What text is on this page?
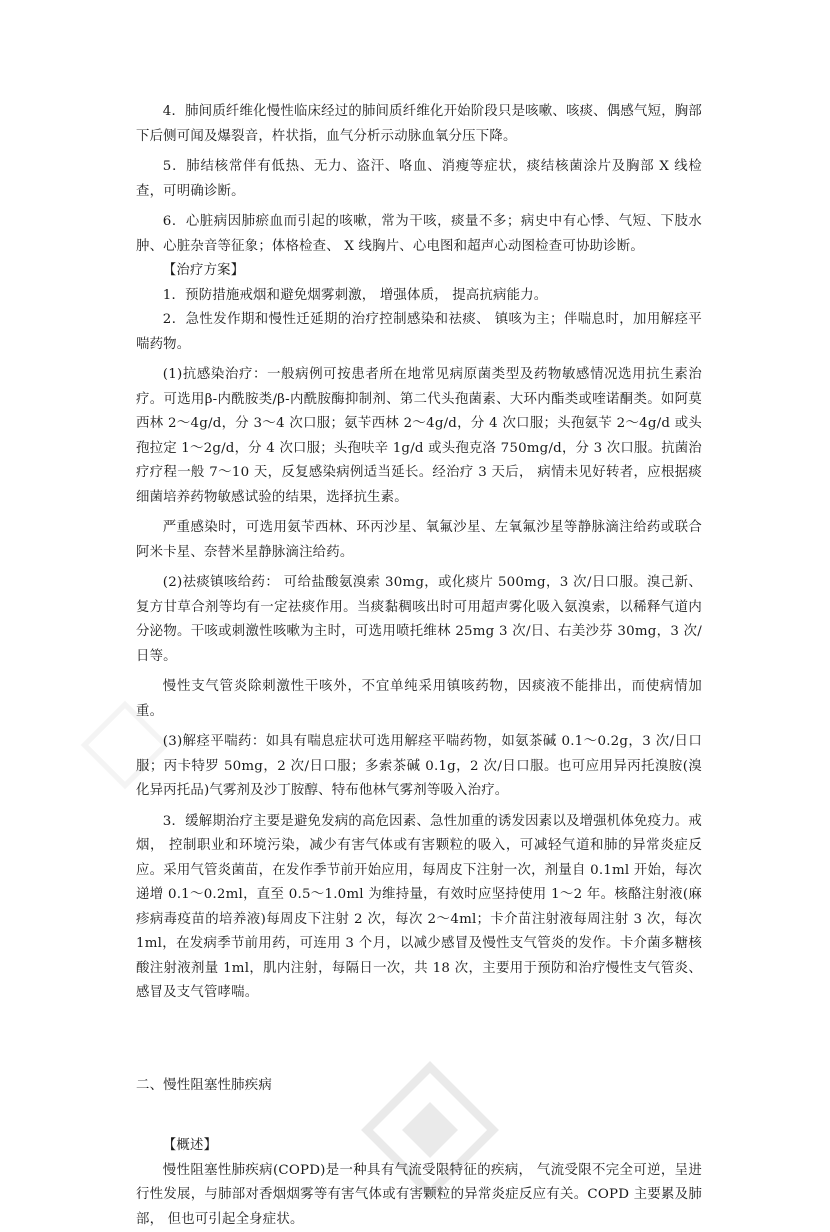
4．肺间质纤维化慢性临床经过的肺间质纤维化开始阶段只是咳嗽、咳痰、偶感气短，胸部下后侧可闻及爆裂音，杵状指，血气分析示动脉血氧分压下降。

5．肺结核常伴有低热、无力、盗汗、咯血、消瘦等症状，痰结核菌涂片及胸部 X 线检查，可明确诊断。

6．心脏病因肺瘀血而引起的咳嗽，常为干咳，痰量不多；病史中有心悸、气短、下肢水肿、心脏杂音等征象；体格检查、 X 线胸片、心电图和超声心动图检查可协助诊断。

【治疗方案】

1．预防措施戒烟和避免烟雾刺激， 增强体质， 提高抗病能力。

2．急性发作期和慢性迁延期的治疗控制感染和祛痰、 镇咳为主；伴喘息时，加用解痉平喘药物。

(1)抗感染治疗：一般病例可按患者所在地常见病原菌类型及药物敏感情况选用抗生素治疗。可选用β-内酰胺类/β-内酰胺酶抑制剂、第二代头孢菌素、大环内酯类或喹诺酮类。如阿莫西林 2～4g/d，分 3～4 次口服；氨苄西林 2～4g/d，分 4 次口服；头孢氨苄 2～4g/d 或头孢拉定 1～2g/d，分 4 次口服；头孢呋辛 1g/d 或头孢克洛 750mg/d，分 3 次口服。抗菌治疗疗程一般 7～10 天，反复感染病例适当延长。经治疗 3 天后， 病情未见好转者，应根据痰细菌培养药物敏感试验的结果，选择抗生素。

严重感染时，可选用氨苄西林、环丙沙星、氧氟沙星、左氧氟沙星等静脉滴注给药或联合阿米卡星、奈替米星静脉滴注给药。

(2)祛痰镇咳给药： 可给盐酸氨溴索 30mg，或化痰片 500mg，3 次/日口服。溴己新、复方甘草合剂等均有一定祛痰作用。当痰黏稠咳出时可用超声雾化吸入氨溴索，以稀释气道内分泌物。干咳或刺激性咳嗽为主时，可选用喷托维林 25mg 3 次/日、右美沙芬 30mg，3 次/日等。

慢性支气管炎除刺激性干咳外，不宜单纯采用镇咳药物，因痰液不能排出，而使病情加重。

(3)解痉平喘药：如具有喘息症状可选用解痉平喘药物，如氨茶碱 0.1～0.2g，3 次/日口服；丙卡特罗 50mg，2 次/日口服；多索茶碱 0.1g，2 次/日口服。也可应用异丙托溴胺(溴化异丙托品)气雾剂及沙丁胺醇、特布他林气雾剂等吸入治疗。

3．缓解期治疗主要是避免发病的高危因素、急性加重的诱发因素以及增强机体免疫力。戒烟， 控制职业和环境污染，减少有害气体或有害颗粒的吸入，可减轻气道和肺的异常炎症反应。采用气管炎菌苗，在发作季节前开始应用，每周皮下注射一次，剂量自 0.1ml 开始，每次递增 0.1～0.2ml，直至 0.5～1.0ml 为维持量，有效时应坚持使用 1～2 年。核酪注射液(麻疹病毒疫苗的培养液)每周皮下注射 2 次，每次 2～4ml；卡介苗注射液每周注射 3 次，每次 1ml，在发病季节前用药，可连用 3 个月，以减少感冒及慢性支气管炎的发作。卡介菌多糖核酸注射液剂量 1ml，肌内注射，每隔日一次，共 18 次，主要用于预防和治疗慢性支气管炎、感冒及支气管哮喘。

二、慢性阻塞性肺疾病

【概述】

慢性阻塞性肺疾病(COPD)是一种具有气流受限特征的疾病， 气流受限不完全可逆，呈进行性发展，与肺部对香烟烟雾等有害气体或有害颗粒的异常炎症反应有关。COPD 主要累及肺部， 但也可引起全身症状。
